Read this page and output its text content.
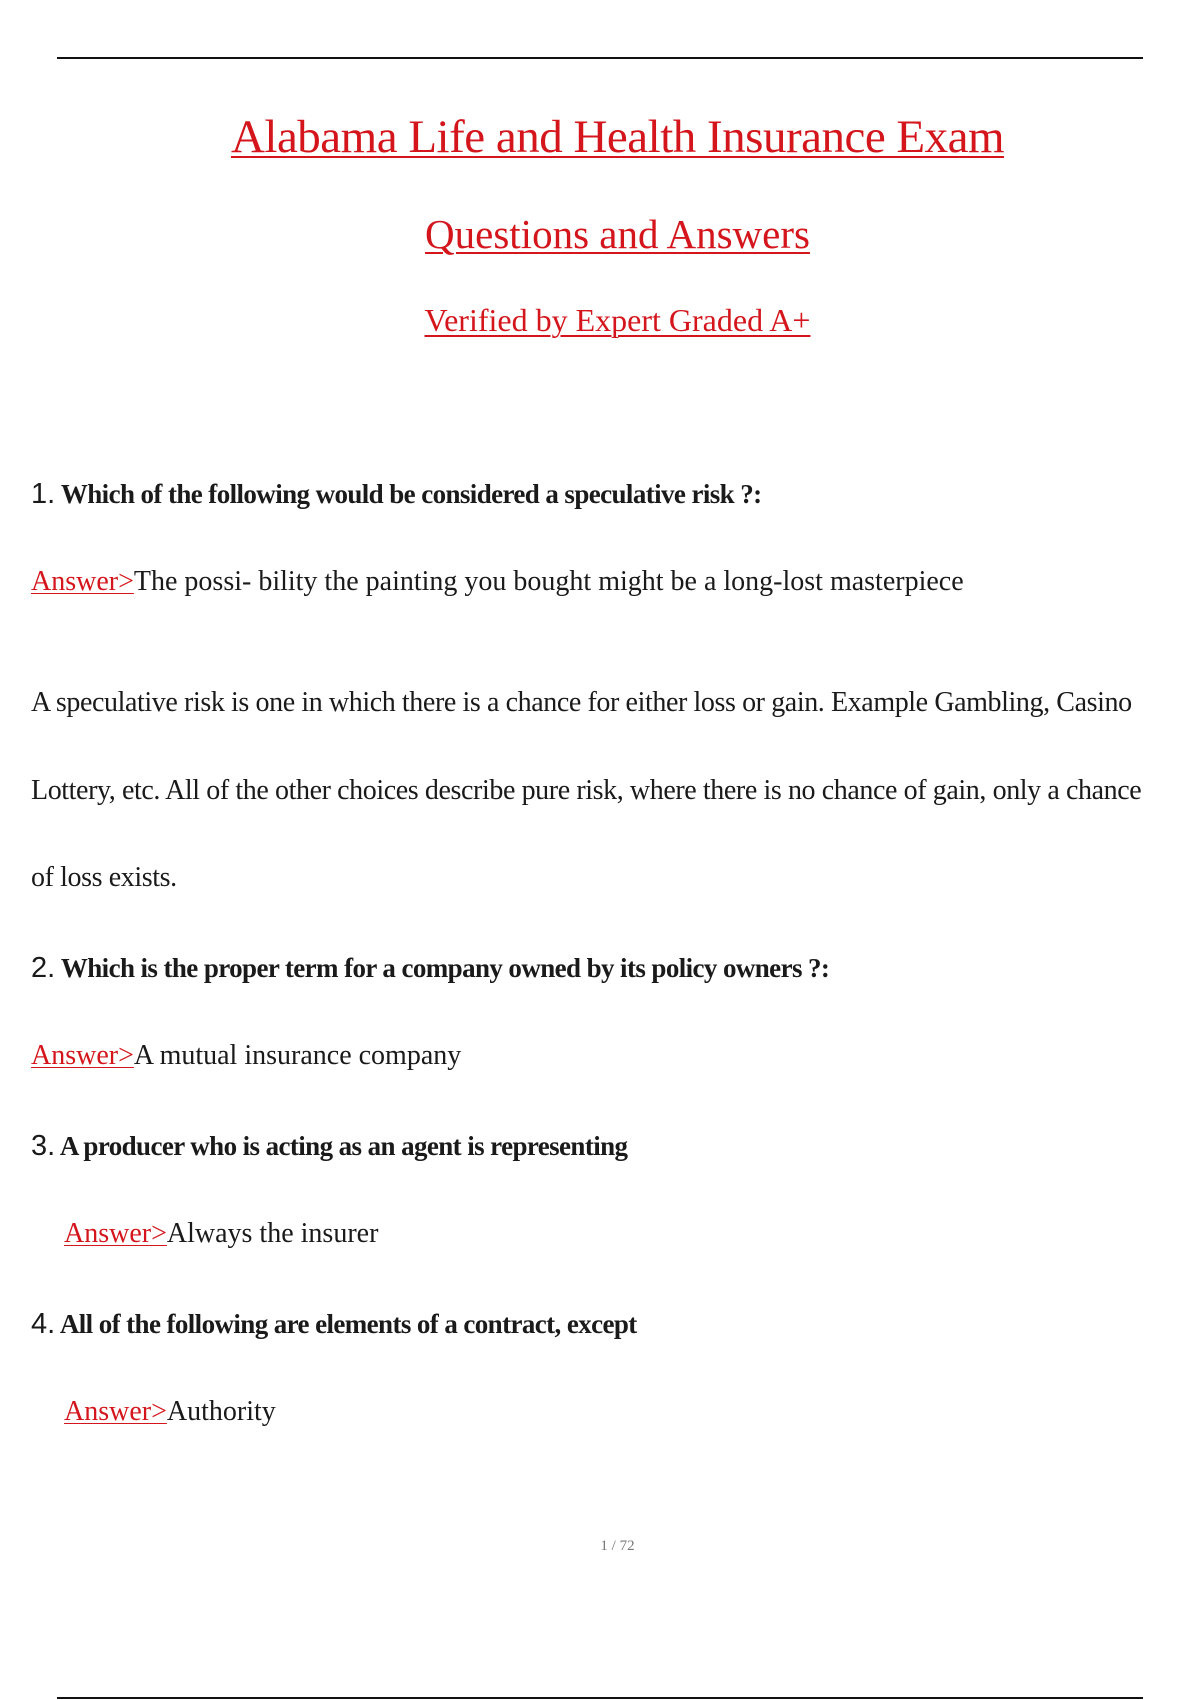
Alabama Life and Health Insurance Exam
Questions and Answers
Verified by Expert Graded A+
1. Which of the following would be considered a speculative risk ?:
Answer>The possi- bility the painting you bought might be a long-lost masterpiece
A speculative risk is one in which there is a chance for either loss or gain. Example Gambling, Casino
Lottery, etc. All of the other choices describe pure risk, where there is no chance of gain, only a chance
of loss exists.
2. Which is the proper term for a company owned by its policy owners ?:
Answer>A mutual insurance company
3. A producer who is acting as an agent is representing
Answer>Always the insurer
4. All of the following are elements of a contract, except
Answer>Authority
1 / 72
